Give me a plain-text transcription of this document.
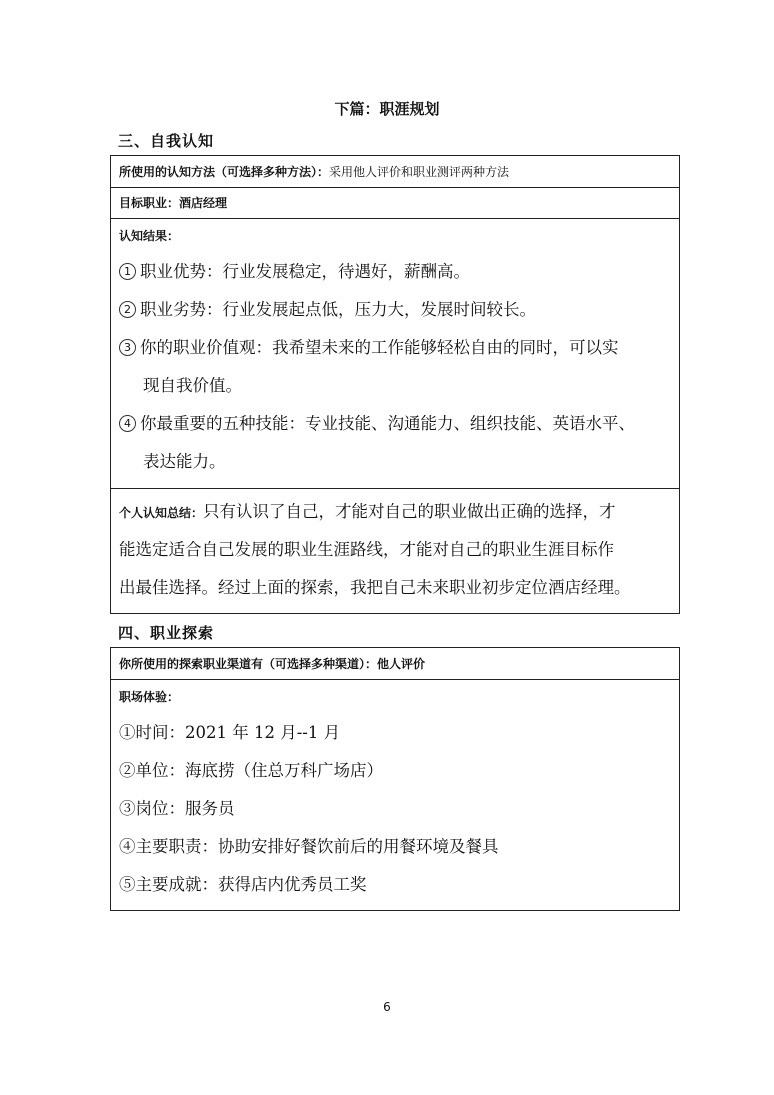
下篇：职涯规划
三、自我认知
所使用的认知方法（可选择多种方法）：采用他人评价和职业测评两种方法
目标职业：酒店经理
认知结果：
1 职业优势：行业发展稳定，待遇好，薪酬高。
2 职业劣势：行业发展起点低，压力大，发展时间较长。
3 你的职业价值观：我希望未来的工作能够轻松自由的同时，可以实
现自我价值。
4 你最重要的五种技能：专业技能、沟通能力、组织技能、英语水平、
表达能力。
个人认知总结：只有认识了自己，才能对自己的职业做出正确的选择，才
能选定适合自己发展的职业生涯路线，才能对自己的职业生涯目标作
出最佳选择。经过上面的探索，我把自己未来职业初步定位酒店经理。
四、职业探索
你所使用的探索职业渠道有（可选择多种渠道）：他人评价
职场体验：
①时间：2021 年 12 月--1 月
②单位：海底捞（住总万科广场店）
③岗位：服务员
④主要职责：协助安排好餐饮前后的用餐环境及餐具
⑤主要成就：获得店内优秀员工奖
6
